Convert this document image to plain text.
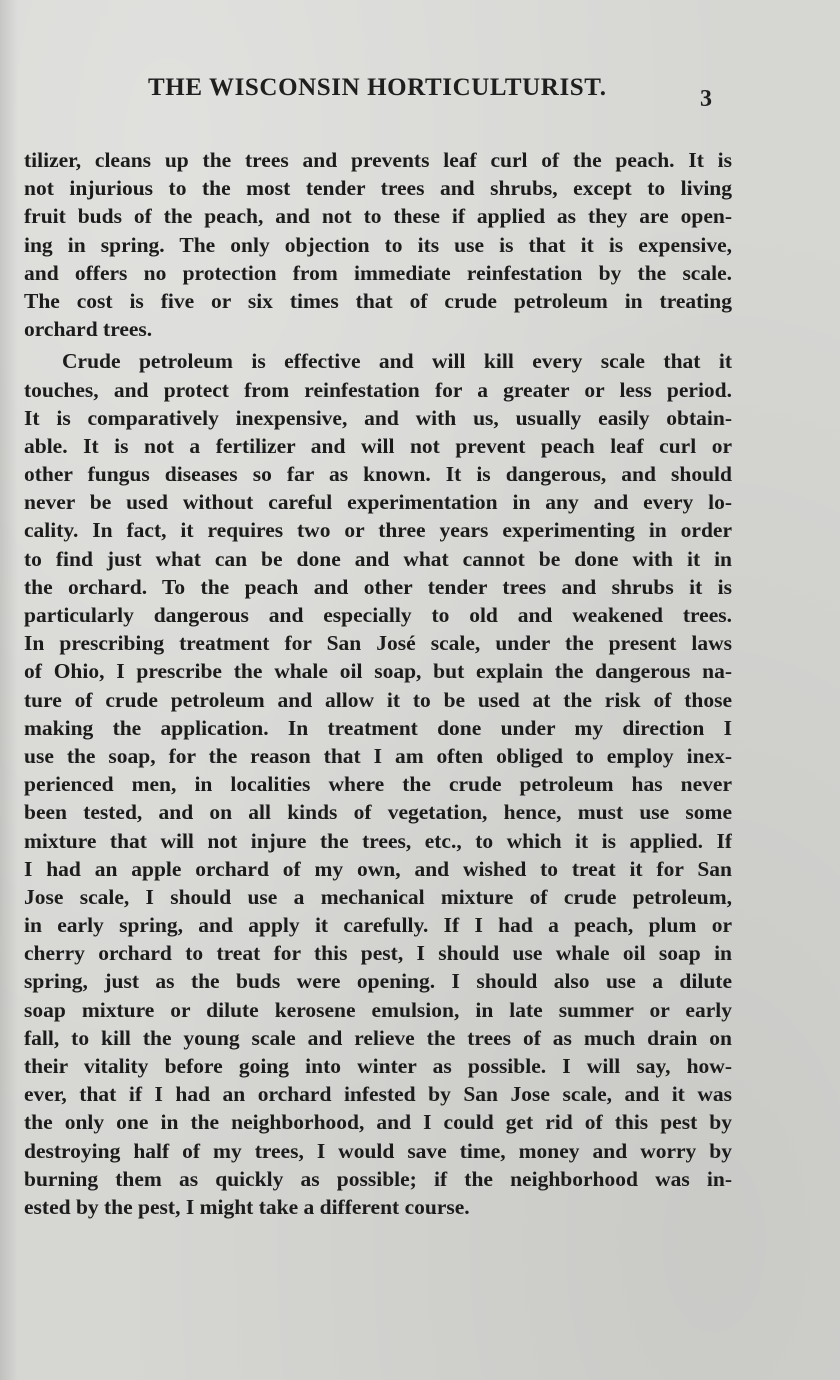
THE WISCONSIN HORTICULTURIST.	3

tilizer, cleans up the trees and prevents leaf curl of the peach. It is
not injurious to the most tender trees and shrubs, except to living
fruit buds of the peach, and not to these if applied as they are open-
ing in spring. The only objection to its use is that it is expensive,
and offers no protection from immediate reinfestation by the scale.
The cost is five or six times that of crude petroleum in treating
orchard trees.

Crude petroleum is effective and will kill every scale that it
touches, and protect from reinfestation for a greater or less period.
It is comparatively inexpensive, and with us, usually easily obtain-
able. It is not a fertilizer and will not prevent peach leaf curl or
other fungus diseases so far as known. It is dangerous, and should
never be used without careful experimentation in any and every lo-
cality. In fact, it requires two or three years experimenting in order
to find just what can be done and what cannot be done with it in
the orchard. To the peach and other tender trees and shrubs it is
particularly dangerous and especially to old and weakened trees.
In prescribing treatment for San José scale, under the present laws
of Ohio, I prescribe the whale oil soap, but explain the dangerous na-
ture of crude petroleum and allow it to be used at the risk of those
making the application. In treatment done under my direction I
use the soap, for the reason that I am often obliged to employ inex-
perienced men, in localities where the crude petroleum has never
been tested, and on all kinds of vegetation, hence, must use some
mixture that will not injure the trees, etc., to which it is applied. If
I had an apple orchard of my own, and wished to treat it for San
Jose scale, I should use a mechanical mixture of crude petroleum,
in early spring, and apply it carefully. If I had a peach, plum or
cherry orchard to treat for this pest, I should use whale oil soap in
spring, just as the buds were opening. I should also use a dilute
soap mixture or dilute kerosene emulsion, in late summer or early
fall, to kill the young scale and relieve the trees of as much drain on
their vitality before going into winter as possible. I will say, how-
ever, that if I had an orchard infested by San Jose scale, and it was
the only one in the neighborhood, and I could get rid of this pest by
destroying half of my trees, I would save time, money and worry by
burning them as quickly as possible; if the neighborhood was in-
ested by the pest, I might take a different course.
